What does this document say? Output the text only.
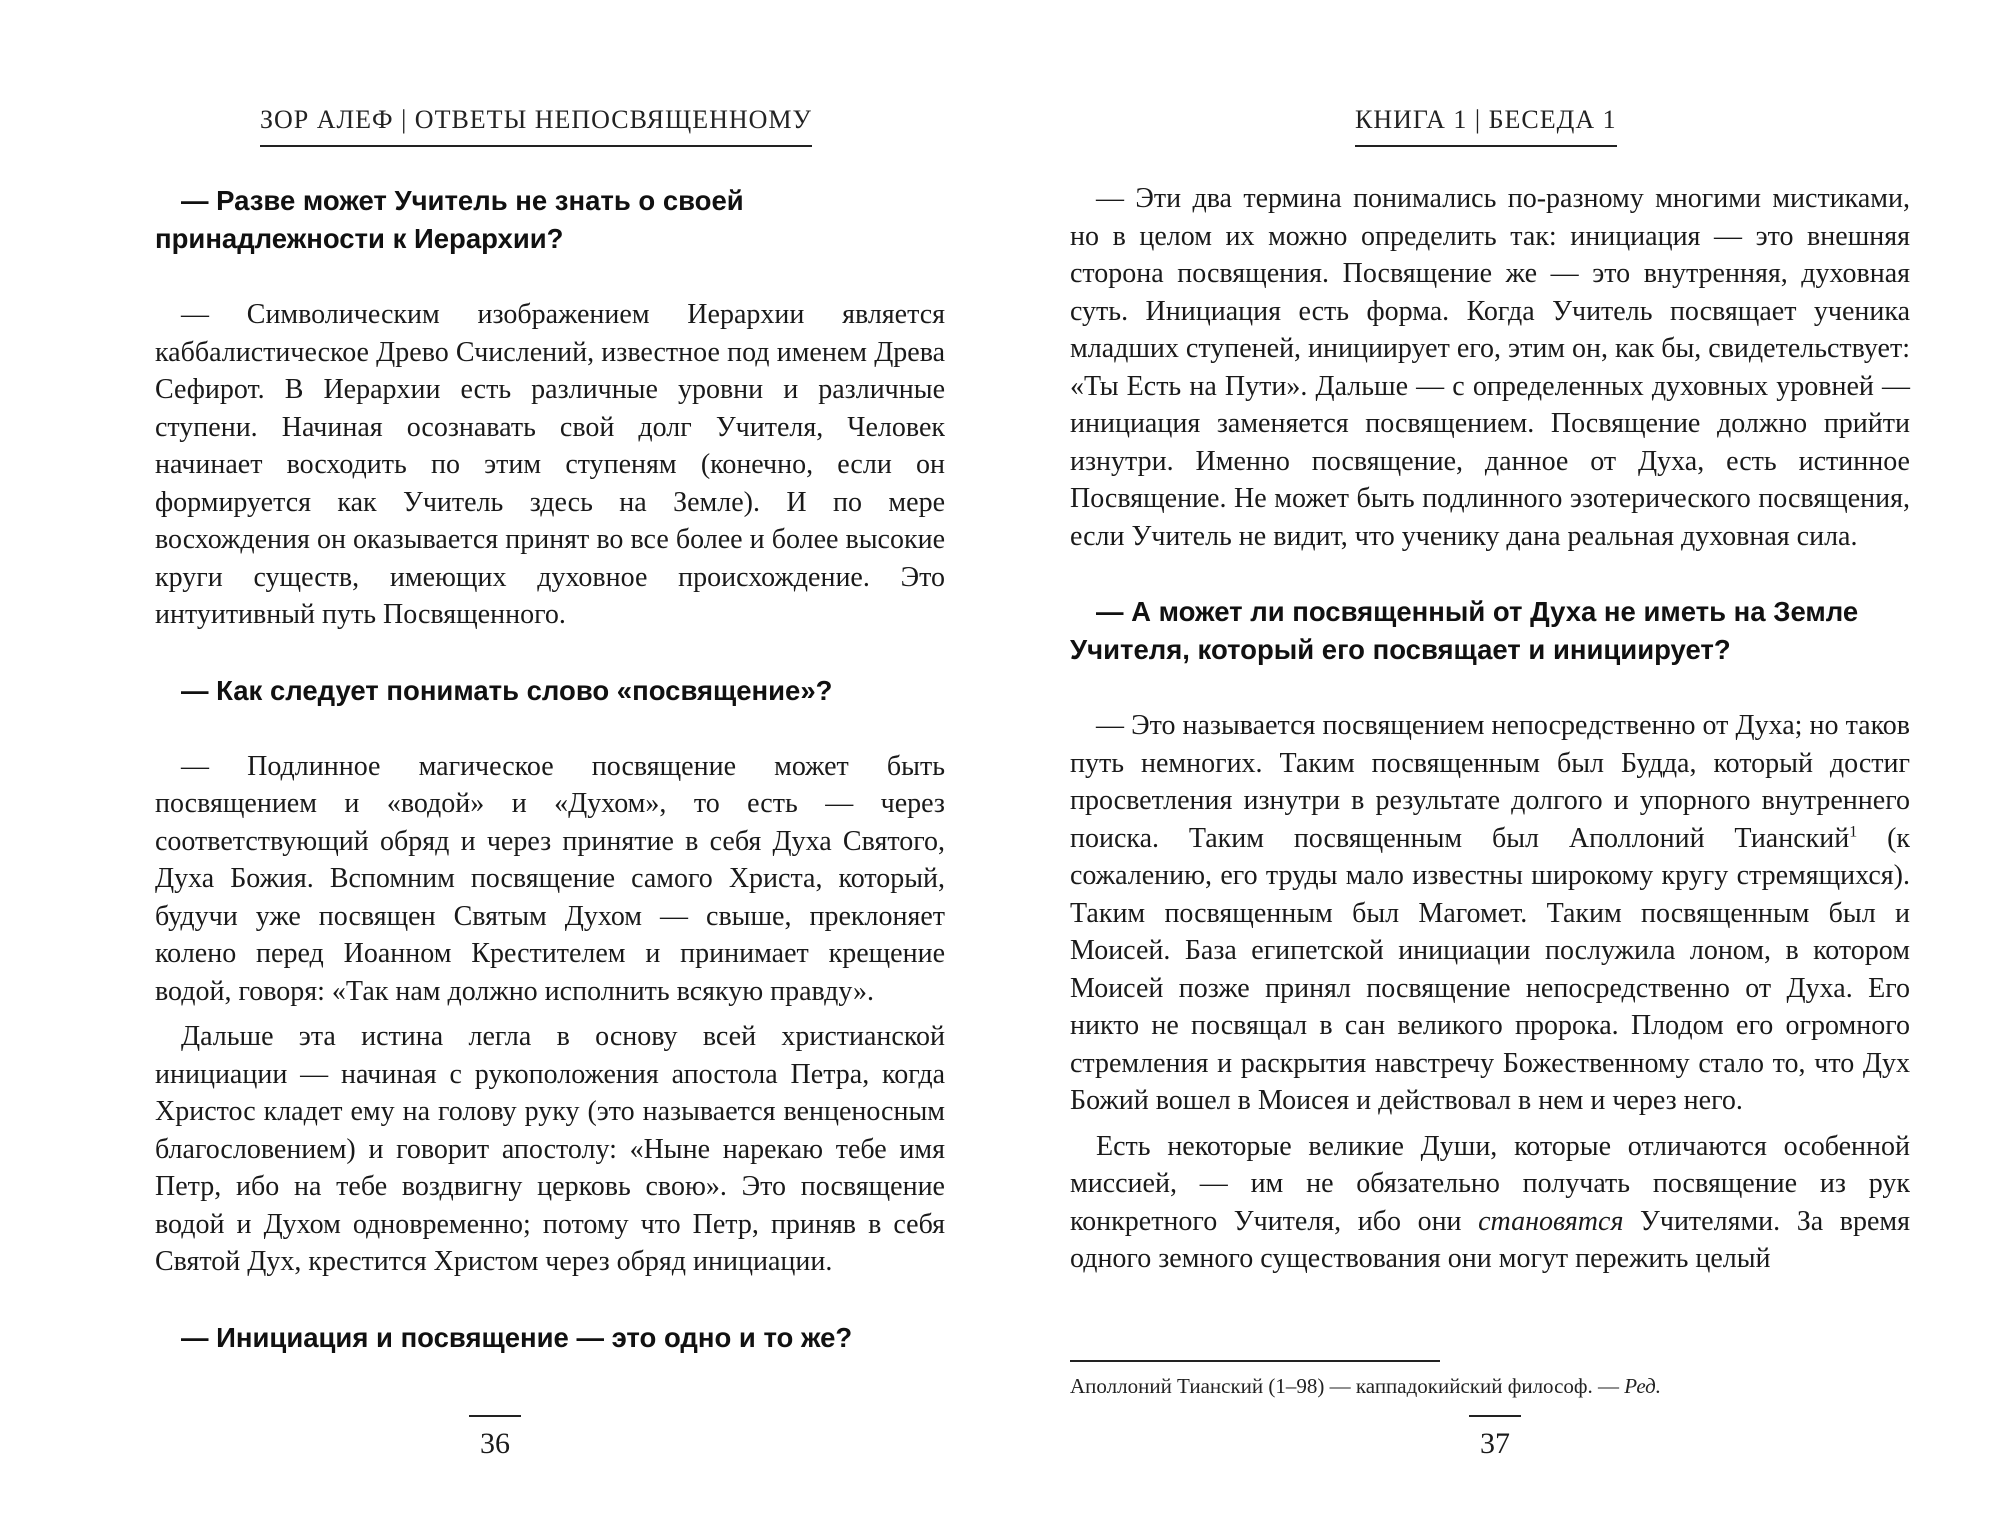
ЗОР АЛЕФ | ОТВЕТЫ НЕПОСВЯЩЕННОМУ

— Разве может Учитель не знать о своей принадлежности к Иерархии?

— Символическим изображением Иерархии является каббалистическое Древо Счислений, известное под именем Древа Сефирот. В Иерархии есть различные уровни и различные ступени. Начиная осознавать свой долг Учителя, Человек начинает восходить по этим ступеням (конечно, если он формируется как Учитель здесь на Земле). И по мере восхождения он оказывается принят во все более и более высокие круги существ, имеющих духовное происхождение. Это интуитивный путь Посвященного.

— Как следует понимать слово «посвящение»?

— Подлинное магическое посвящение может быть посвящением и «водой» и «Духом», то есть — через соответствующий обряд и через принятие в себя Духа Святого, Духа Божия. Вспомним посвящение самого Христа, который, будучи уже посвящен Святым Духом — свыше, преклоняет колено перед Иоанном Крестителем и принимает крещение водой, говоря: «Так нам должно исполнить всякую правду».

Дальше эта истина легла в основу всей христианской инициации — начиная с рукоположения апостола Петра, когда Христос кладет ему на голову руку (это называется венценосным благословением) и говорит апостолу: «Ныне нарекаю тебе имя Петр, ибо на тебе воздвигну церковь свою». Это посвящение водой и Духом одновременно; потому что Петр, приняв в себя Святой Дух, крестится Христом через обряд инициации.

— Инициация и посвящение — это одно и то же?

36
КНИГА 1 | БЕСЕДА 1

— Эти два термина понимались по-разному многими мистиками, но в целом их можно определить так: инициация — это внешняя сторона посвящения. Посвящение же — это внутренняя, духовная суть. Инициация есть форма. Когда Учитель посвящает ученика младших ступеней, инициирует его, этим он, как бы, свидетельствует: «Ты Есть на Пути». Дальше — с определенных духовных уровней — инициация заменяется посвящением. Посвящение должно прийти изнутри. Именно посвящение, данное от Духа, есть истинное Посвящение. Не может быть подлинного эзотерического посвящения, если Учитель не видит, что ученику дана реальная духовная сила.

— А может ли посвященный от Духа не иметь на Земле Учителя, который его посвящает и инициирует?

— Это называется посвящением непосредственно от Духа; но таков путь немногих. Таким посвященным был Будда, который достиг просветления изнутри в результате долгого и упорного внутреннего поиска. Таким посвященным был Аполлоний Тианский$^1$ (к сожалению, его труды мало известны широкому кругу стремящихся). Таким посвященным был Магомет. Таким посвященным был и Моисей. База египетской инициации послужила лоном, в котором Моисей позже принял посвящение непосредственно от Духа. Его никто не посвящал в сан великого пророка. Плодом его огромного стремления и раскрытия навстречу Божественному стало то, что Дух Божий вошел в Моисея и действовал в нем и через него.

Есть некоторые великие Души, которые отличаются особенной миссией, — им не обязательно получать посвящение из рук конкретного Учителя, ибо они становятся Учителями. За время одного земного существования они могут пережить целый

Аполлоний Тианский (1–98) — каппадокийский философ. — Ред.
37
